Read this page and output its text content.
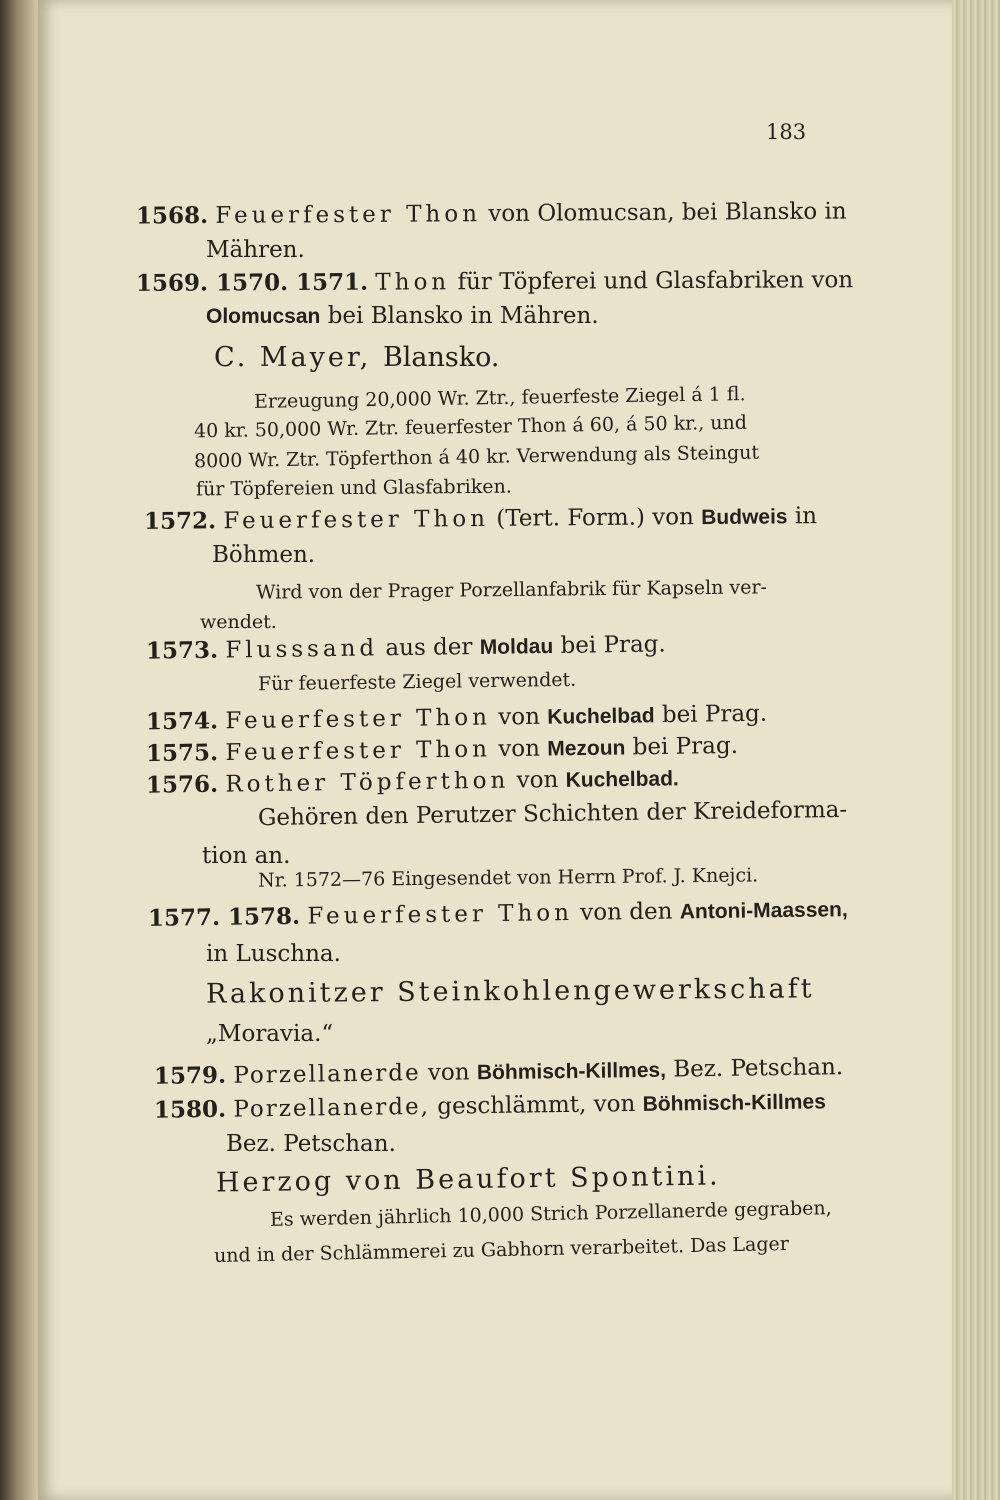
183
1568. Feuerfester Thon von Olomucsan, bei Blansko in
Mähren.
1569. 1570. 1571. Thon für Töpferei und Glasfabriken von
Olomucsan bei Blansko in Mähren.
C. Mayer, Blansko.
Erzeugung 20,000 Wr. Ztr., feuerfeste Ziegel á 1 fl.
40 kr. 50,000 Wr. Ztr. feuerfester Thon á 60, á 50 kr., und
8000 Wr. Ztr. Töpferthon á 40 kr. Verwendung als Steingut
für Töpfereien und Glasfabriken.
1572. Feuerfester Thon (Tert. Form.) von Budweis in
Böhmen.
Wird von der Prager Porzellanfabrik für Kapseln ver-
wendet.
1573. Flusssand aus der Moldau bei Prag.
Für feuerfeste Ziegel verwendet.
1574. Feuerfester Thon von Kuchelbad bei Prag.
1575. Feuerfester Thon von Mezoun bei Prag.
1576. Rother Töpferthon von Kuchelbad.
Gehören den Perutzer Schichten der Kreideforma-
tion an.
Nr. 1572—76 Eingesendet von Herrn Prof. J. Knejci.
1577. 1578. Feuerfester Thon von den Antoni-Maassen,
in Luschna.
Rakonitzer Steinkohlengewerkschaft
„Moravia.“
1579. Porzellanerde von Böhmisch-Killmes, Bez. Petschan.
1580. Porzellanerde, geschlämmt, von Böhmisch-Killmes
Bez. Petschan.
Herzog von Beaufort Spontini.
Es werden jährlich 10,000 Strich Porzellanerde gegraben,
und in der Schlämmerei zu Gabhorn verarbeitet. Das Lager
